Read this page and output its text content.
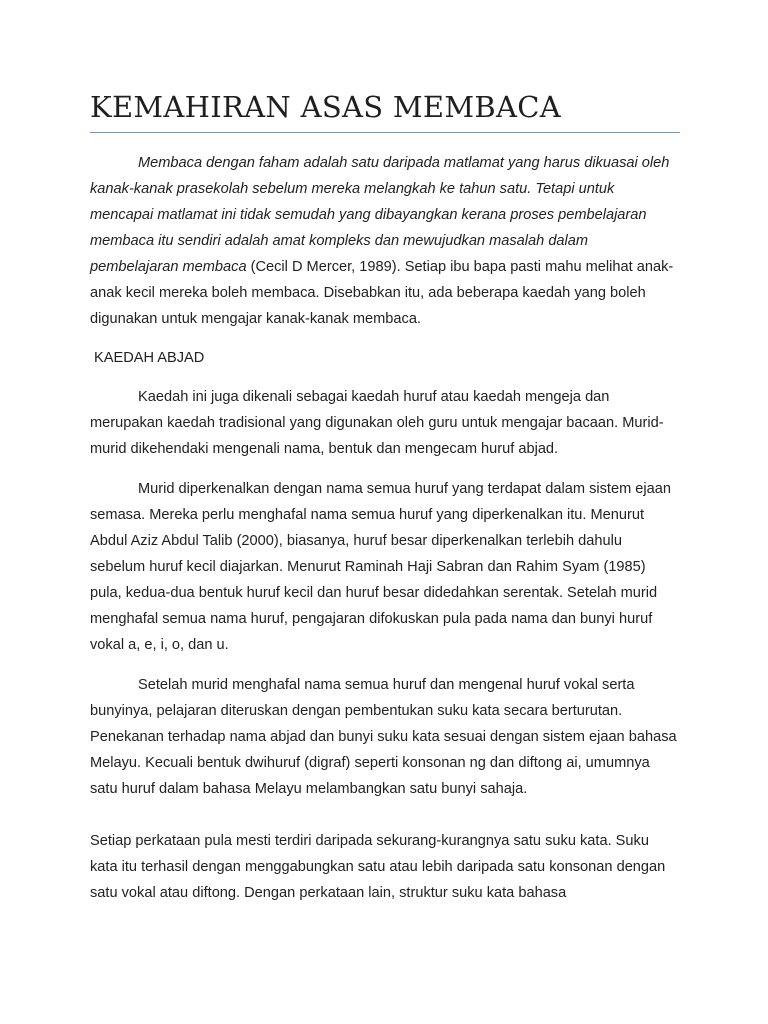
KEMAHIRAN ASAS MEMBACA

Membaca dengan faham adalah satu daripada matlamat yang harus dikuasai oleh kanak-kanak prasekolah sebelum mereka melangkah ke tahun satu. Tetapi untuk mencapai matlamat ini tidak semudah yang dibayangkan kerana proses pembelajaran membaca itu sendiri adalah amat kompleks dan mewujudkan masalah dalam pembelajaran membaca (Cecil D Mercer, 1989). Setiap ibu bapa pasti mahu melihat anak-anak kecil mereka boleh membaca. Disebabkan itu, ada beberapa kaedah yang boleh digunakan untuk mengajar kanak-kanak membaca.

KAEDAH ABJAD

Kaedah ini juga dikenali sebagai kaedah huruf atau kaedah mengeja dan merupakan kaedah tradisional yang digunakan oleh guru untuk mengajar bacaan. Murid-murid dikehendaki mengenali nama, bentuk dan mengecam huruf abjad.

Murid diperkenalkan dengan nama semua huruf yang terdapat dalam sistem ejaan semasa. Mereka perlu menghafal nama semua huruf yang diperkenalkan itu. Menurut Abdul Aziz Abdul Talib (2000), biasanya, huruf besar diperkenalkan terlebih dahulu sebelum huruf kecil diajarkan. Menurut Raminah Haji Sabran dan Rahim Syam (1985) pula, kedua-dua bentuk huruf kecil dan huruf besar didedahkan serentak. Setelah murid menghafal semua nama huruf, pengajaran difokuskan pula pada nama dan bunyi huruf vokal a, e, i, o, dan u.

Setelah murid menghafal nama semua huruf dan mengenal huruf vokal serta bunyinya, pelajaran diteruskan dengan pembentukan suku kata secara berturutan. Penekanan terhadap nama abjad dan bunyi suku kata sesuai dengan sistem ejaan bahasa Melayu. Kecuali bentuk dwihuruf (digraf) seperti konsonan ng dan diftong ai, umumnya satu huruf dalam bahasa Melayu melambangkan satu bunyi sahaja.

Setiap perkataan pula mesti terdiri daripada sekurang-kurangnya satu suku kata. Suku kata itu terhasil dengan menggabungkan satu atau lebih daripada satu konsonan dengan satu vokal atau diftong. Dengan perkataan lain, struktur suku kata bahasa
